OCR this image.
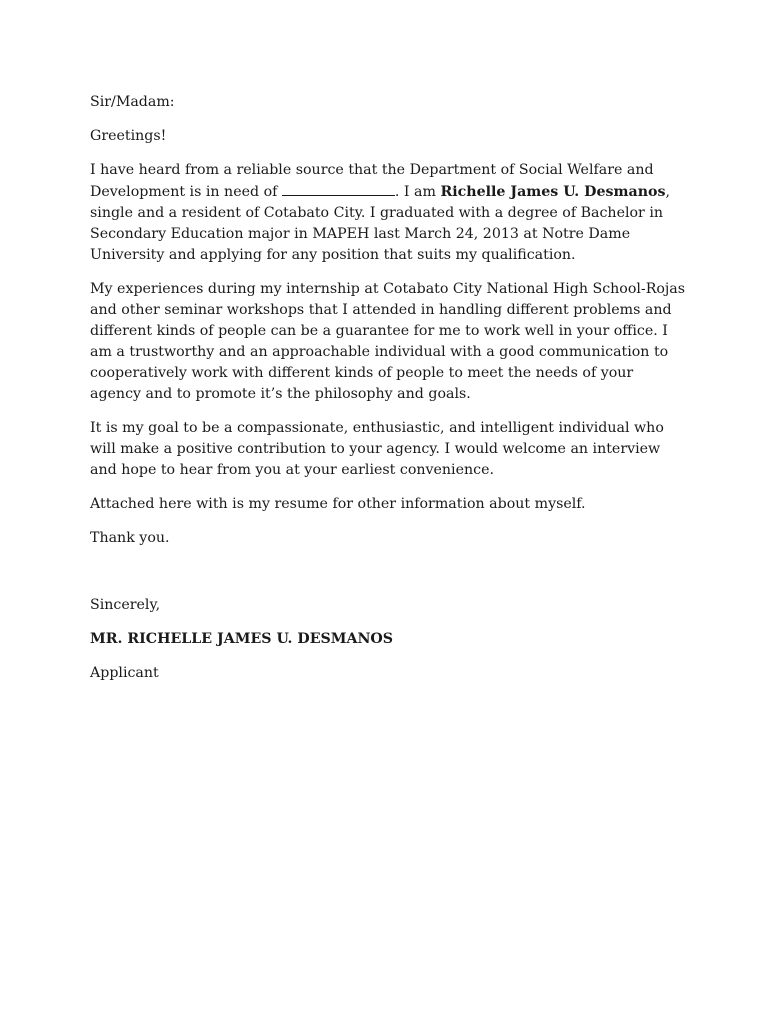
Sir/Madam:

Greetings!

I have heard from a reliable source that the Department of Social Welfare and Development is in need of	. I am Richelle James U. Desmanos, single and a resident of Cotabato City. I graduated with a degree of Bachelor in Secondary Education major in MAPEH last March 24, 2013 at Notre Dame University and applying for any position that suits my qualification.

My experiences during my internship at Cotabato City National High School-Rojas and other seminar workshops that I attended in handling different problems and different kinds of people can be a guarantee for me to work well in your office. I am a trustworthy and an approachable individual with a good communication to cooperatively work with different kinds of people to meet the needs of your agency and to promote it’s the philosophy and goals.

It is my goal to be a compassionate, enthusiastic, and intelligent individual who will make a positive contribution to your agency. I would welcome an interview and hope to hear from you at your earliest convenience.

Attached here with is my resume for other information about myself.

Thank you.

Sincerely,

MR. RICHELLE JAMES U. DESMANOS

Applicant
